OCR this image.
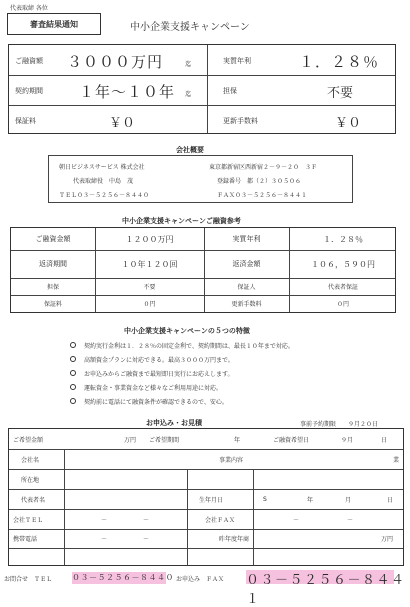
代表取締 各位
審査結果通知	中小企業支援キャンペーン
ご融資額 ３０００万円	迄	実質年利	１．２８％
契約期間 １年～１０年 迄	担保	不要
保証料	￥０	更新手数料	￥０
会社概要
朝日ビジネスサービス 株式会社
代表取締役　中島　茂
ＴＥＬ０３－５２５６－８４４０
東京都新宿区西新宿２－９－２０　３Ｆ
登録番号　都（２）３０５０６
ＦＡＸ０３－５２５６－８４４１
中小企業支援キャンペーンご融資参考
ご融資金額	１２００万円	実質年利	１．２８％
返済期間	１０年１２０回	返済金額	１０６，５９０円
担保	不要	保証人	代表者保証
保証料	０円	更新手数料	０円
中小企業支援キャンペーンの５つの特徴
契約実行金利は１．２８％の固定金利で、契約期間は、最長１０年まで対応。
高額資金プランに対応できる。最高３０００万円まで。
お申込みからご融資まで最短即日実行にお応えします。
運転資金・事業資金など様々なご利用用途に対応。
契約前に電話にて融資条件が確認できるので、安心。
お申込み・お見積	事前予約期限 ９月２０日
ご希望金額	万円 ご希望期間	年	ご融資希望日	９月	日
会社名	事業内容	業
所在地
代表者名	生年月日	S	年	月	日
会社ＴＥＬ	－	－	会社ＦＡＸ	－	－
携帯電話	－	－	昨年度年商	万円
お問合せ　ＴＥＬ ０３－５２５６－８４４０ お申込み　ＦＡＸ ０３－５２５６－８４４１
